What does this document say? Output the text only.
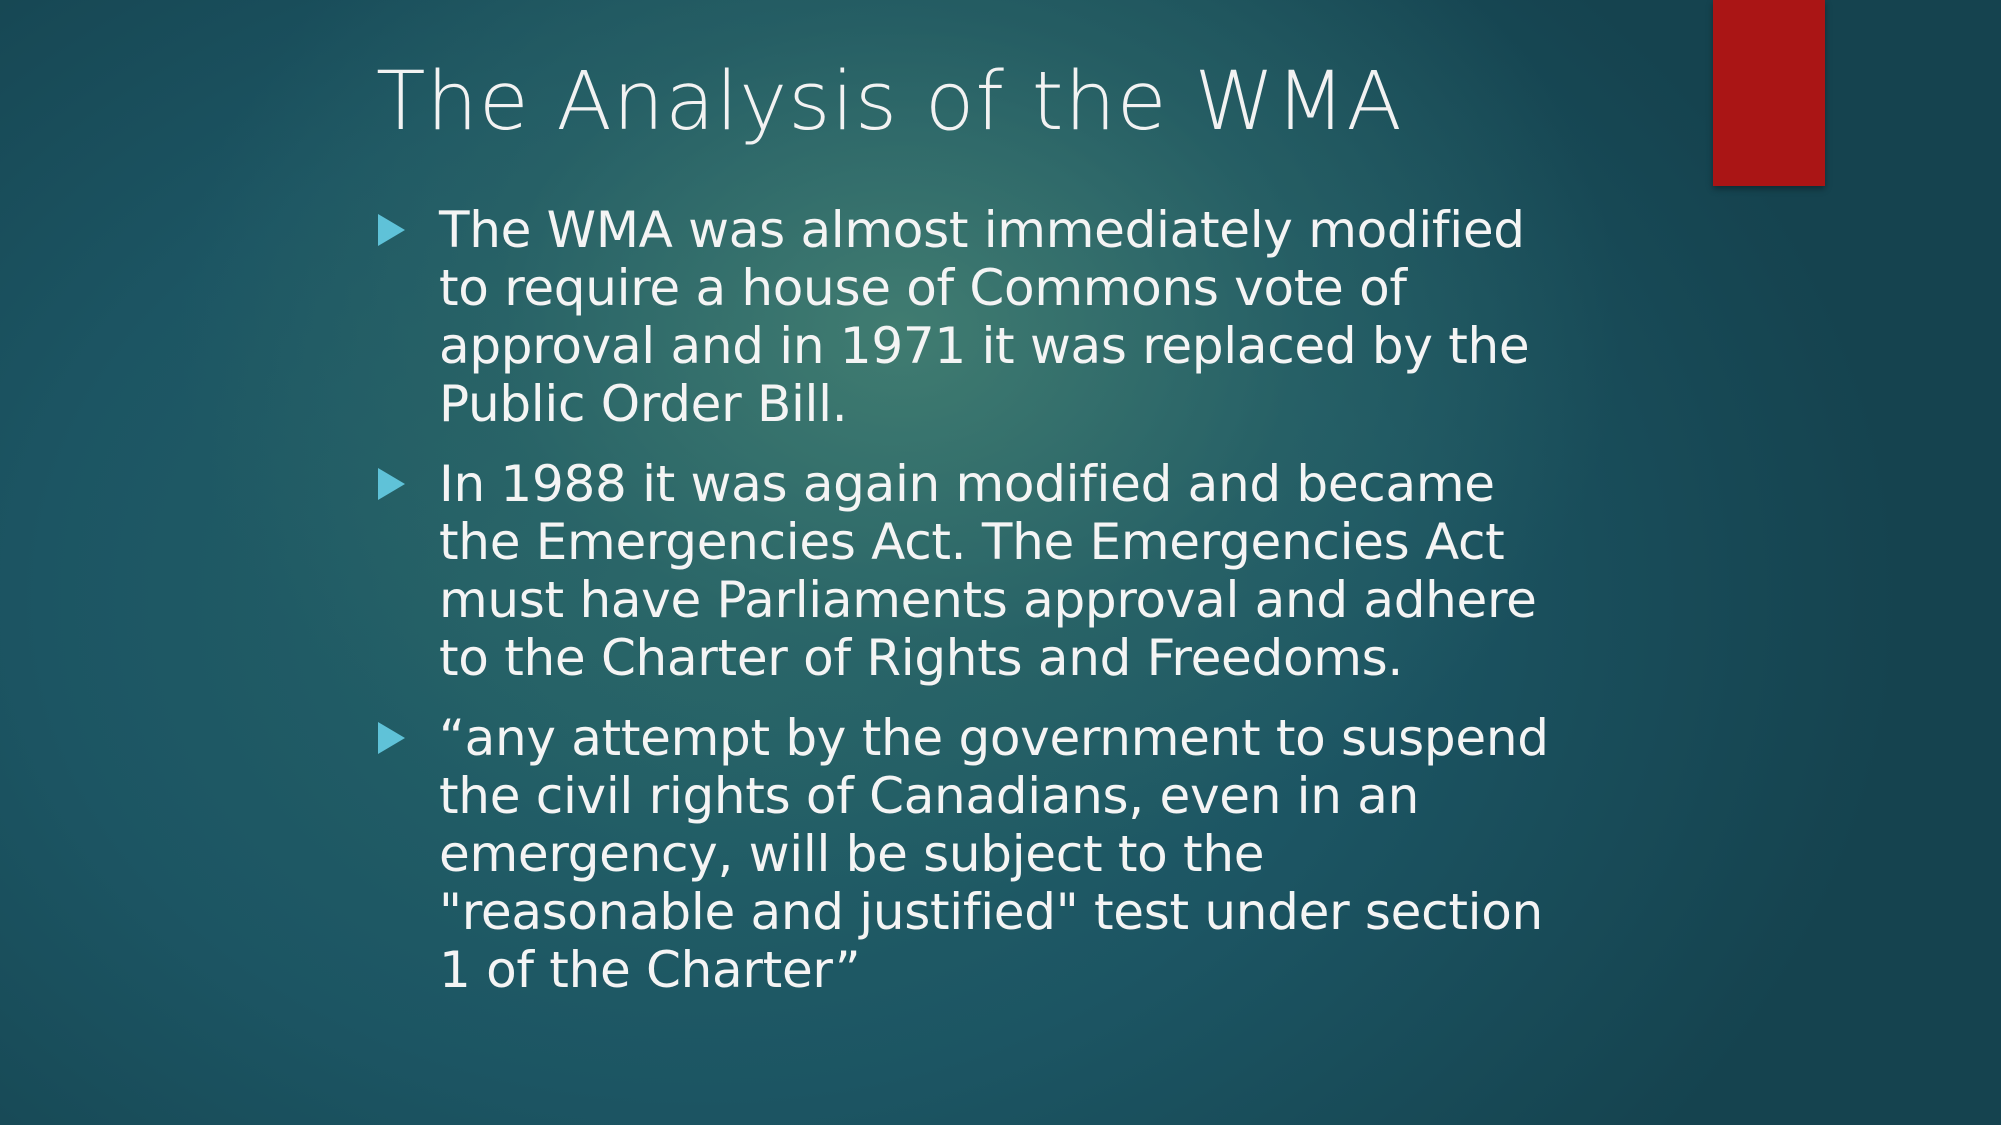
The Analysis of the WMA
The WMA was almost immediately modified
to require a house of Commons vote of
approval and in 1971 it was replaced by the
Public Order Bill.
In 1988 it was again modified and became
the Emergencies Act. The Emergencies Act
must have Parliaments approval and adhere
to the Charter of Rights and Freedoms.
“any attempt by the government to suspend
the civil rights of Canadians, even in an
emergency, will be subject to the
"reasonable and justified" test under section
1 of the Charter”
